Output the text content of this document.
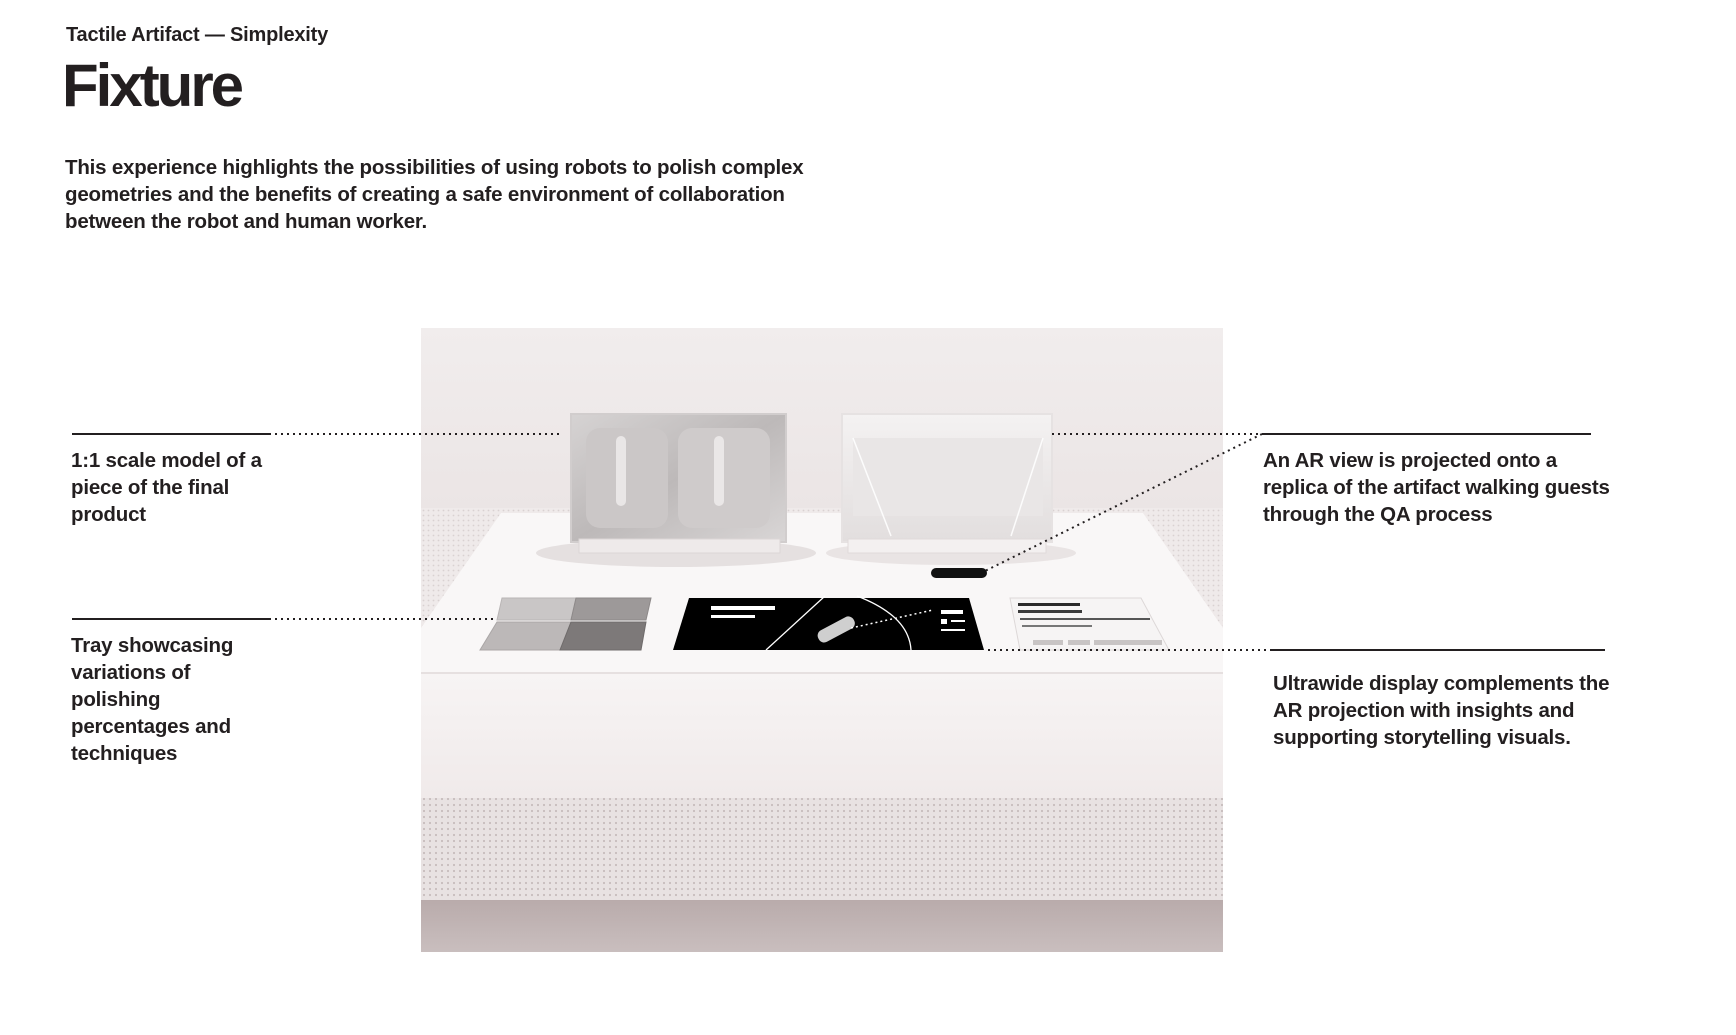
Tactile Artifact — Simplexity
Fixture

This experience highlights the possibilities of using robots to polish complex geometries and the benefits of creating a safe environment of collaboration between the robot and human worker.

1:1 scale model of a piece of the final product

Tray showcasing variations of polishing percentages and techniques

An AR view is projected onto a replica of the artifact walking guests through the QA process

Ultrawide display complements the AR projection with insights and supporting storytelling visuals.
